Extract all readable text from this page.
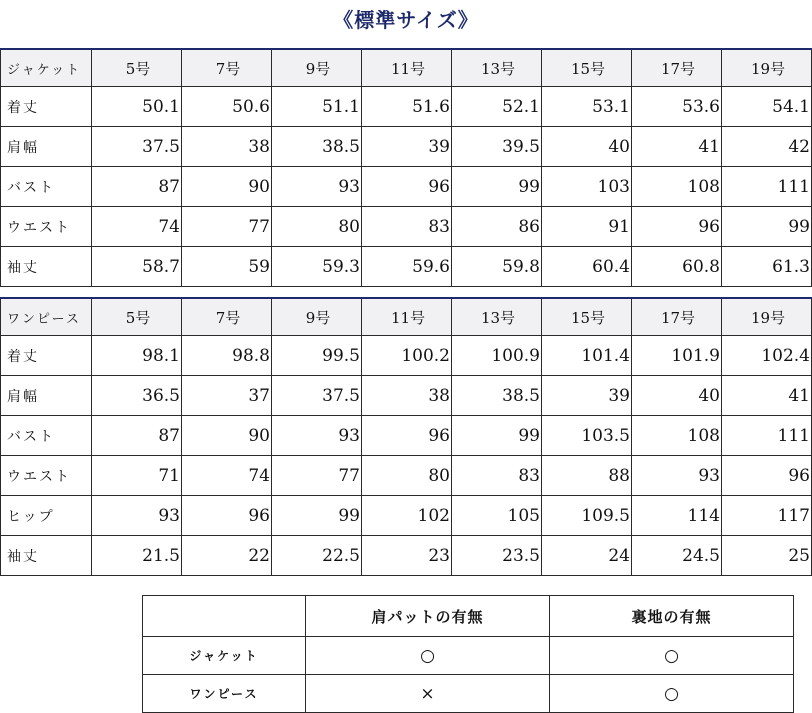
《標準サイズ》
ジャケット	5号	7号	9号	11号	13号	15号	17号	19号
着丈	50.1	50.6	51.1	51.6	52.1	53.1	53.6	54.1
肩幅	37.5	38	38.5	39	39.5	40	41	42
バスト	87	90	93	96	99	103	108	111
ウエスト	74	77	80	83	86	91	96	99
袖丈	58.7	59	59.3	59.6	59.8	60.4	60.8	61.3
ワンピース	5号	7号	9号	11号	13号	15号	17号	19号
着丈	98.1	98.8	99.5	100.2	100.9	101.4	101.9	102.4
肩幅	36.5	37	37.5	38	38.5	39	40	41
バスト	87	90	93	96	99	103.5	108	111
ウエスト	71	74	77	80	83	88	93	96
ヒップ	93	96	99	102	105	109.5	114	117
袖丈	21.5	22	22.5	23	23.5	24	24.5	25
	肩パットの有無	裏地の有無
ジャケット	○	○
ワンピース	×	○
